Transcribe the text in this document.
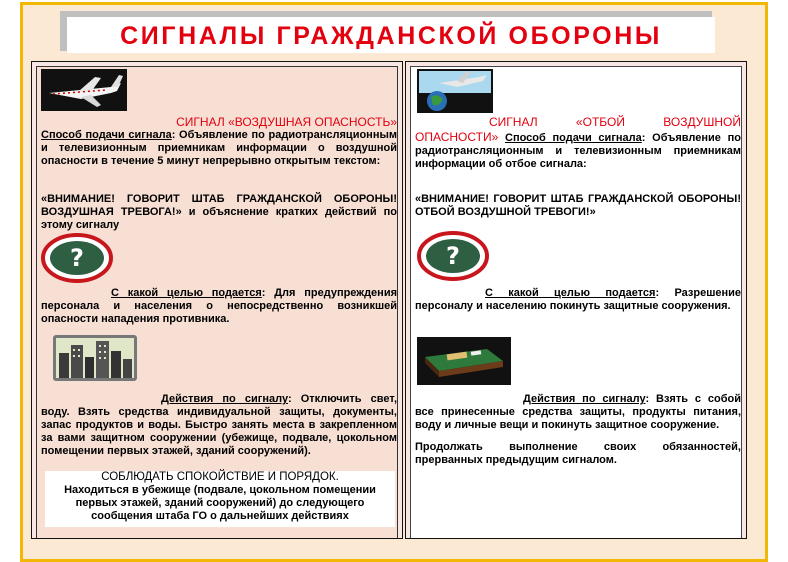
СИГНАЛЫ ГРАЖДАНСКОЙ ОБОРОНЫ
СИГНАЛ «ВОЗДУШНАЯ ОПАСНОСТЬ»
Способ подачи сигнала: Объявление по радиотрансляционным и телевизионным приемникам информации о воздушной опасности в течение 5 минут непрерывно открытым текстом:
«ВНИМАНИЕ! ГОВОРИТ ШТАБ ГРАЖДАНСКОЙ ОБОРОНЫ! ВОЗДУШНАЯ ТРЕВОГА!» и объяснение кратких действий по этому сигналу
?
С какой целью подается: Для предупреждения персонала и населения о непосредственно возникшей опасности нападения противника.
Действия по сигналу: Отключить свет, воду. Взять средства индивидуальной защиты, документы, запас продуктов и воды. Быстро занять места в закрепленном за вами защитном сооружении (убежище, подвале, цокольном помещении первых этажей, зданий сооружений).
СОБЛЮДАТЬ СПОКОЙСТВИЕ И ПОРЯДОК.
Находиться в убежище (подвале, цокольном помещении первых этажей, зданий сооружений) до следующего сообщения штаба ГО о дальнейших действиях
СИГНАЛ «ОТБОЙ ВОЗДУШНОЙ ОПАСНОСТИ» Способ подачи сигнала: Объявление по радиотрансляционным и телевизионным приемникам информации об отбое сигнала:
«ВНИМАНИЕ! ГОВОРИТ ШТАБ ГРАЖДАНСКОЙ ОБОРОНЫ! ОТБОЙ ВОЗДУШНОЙ ТРЕВОГИ!»
?
С какой целью подается: Разрешение персоналу и населению покинуть защитные сооружения.
Действия по сигналу: Взять с собой все принесенные средства защиты, продукты питания, воду и личные вещи и покинуть защитное сооружение.
Продолжать выполнение своих обязанностей, прерванных предыдущим сигналом.
